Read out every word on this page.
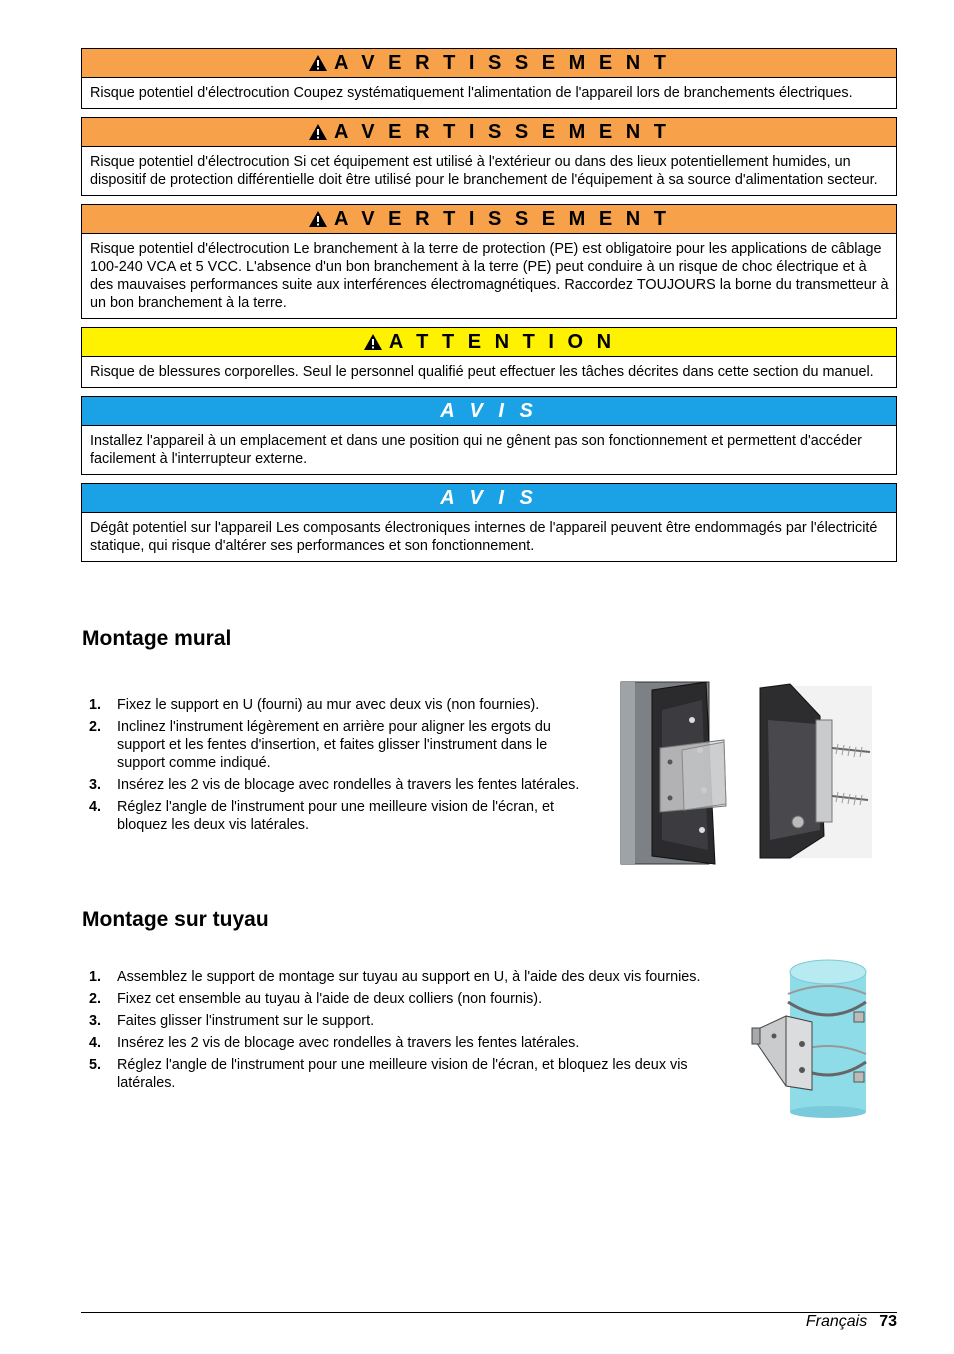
A V E R T I S S E M E N T
Risque potentiel d'électrocution Coupez systématiquement l'alimentation de l'appareil lors de branchements électriques.
A V E R T I S S E M E N T
Risque potentiel d'électrocution Si cet équipement est utilisé à l'extérieur ou dans des lieux potentiellement humides, un dispositif de protection différentielle doit être utilisé pour le branchement de l'équipement à sa source d'alimentation secteur.
A V E R T I S S E M E N T
Risque potentiel d'électrocution Le branchement à la terre de protection (PE) est obligatoire pour les applications de câblage 100-240 VCA et 5 VCC. L'absence d'un bon branchement à la terre (PE) peut conduire à un risque de choc électrique et à des mauvaises performances suite aux interférences électromagnétiques. Raccordez TOUJOURS la borne du transmetteur à un bon branchement à la terre.
A T T E N T I O N
Risque de blessures corporelles. Seul le personnel qualifié peut effectuer les tâches décrites dans cette section du manuel.
A V I S
Installez l'appareil à un emplacement et dans une position qui ne gênent pas son fonctionnement et permettent d'accéder facilement à l'interrupteur externe.
A V I S
Dégât potentiel sur l'appareil Les composants électroniques internes de l'appareil peuvent être endommagés par l'électricité statique, qui risque d'altérer ses performances et son fonctionnement.
Montage mural
1. Fixez le support en U (fourni) au mur avec deux vis (non fournies).
2. Inclinez l'instrument légèrement en arrière pour aligner les ergots du support et les fentes d'insertion, et faites glisser l'instrument dans le support comme indiqué.
3. Insérez les 2 vis de blocage avec rondelles à travers les fentes latérales.
4. Réglez l'angle de l'instrument pour une meilleure vision de l'écran, et bloquez les deux vis latérales.
Montage sur tuyau
1. Assemblez le support de montage sur tuyau au support en U, à l'aide des deux vis fournies.
2. Fixez cet ensemble au tuyau à l'aide de deux colliers (non fournis).
3. Faites glisser l'instrument sur le support.
4. Insérez les 2 vis de blocage avec rondelles à travers les fentes latérales.
5. Réglez l'angle de l'instrument pour une meilleure vision de l'écran, et bloquez les deux vis latérales.
Français 73
